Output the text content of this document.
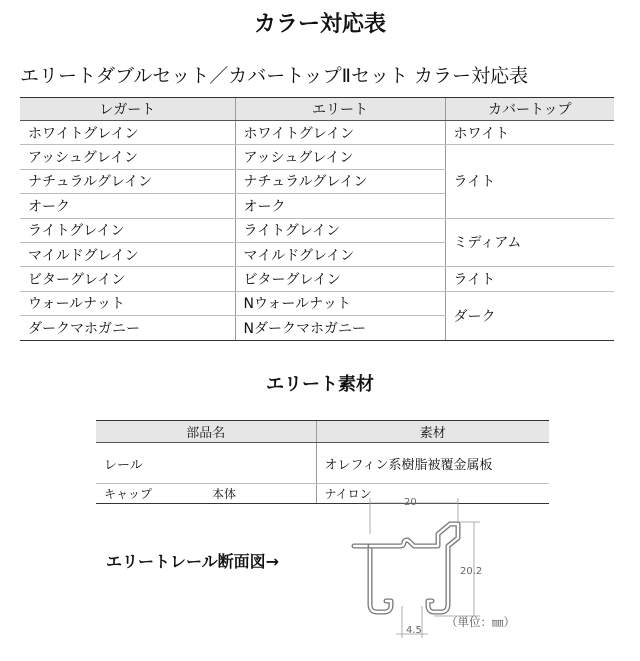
カラー対応表
エリートダブルセット／カバートップⅡセット カラー対応表
レガート	エリート	カバートップ
ホワイトグレイン	ホワイトグレイン	ホワイト
アッシュグレイン	アッシュグレイン	ライト
ナチュラルグレイン	ナチュラルグレイン	
オーク	オーク	
ライトグレイン	ライトグレイン	ミディアム
マイルドグレイン	マイルドグレイン	
ビターグレイン	ビターグレイン	ライト
ウォールナット	Nウォールナット	ダーク
ダークマホガニー	Nダークマホガニー	
エリート素材
部品名	素材
レール	オレフィン系樹脂被覆金属板
キャップ 本体	ナイロン
エリートレール断面図→
20
20.2
4.5
（単位：㎜）
